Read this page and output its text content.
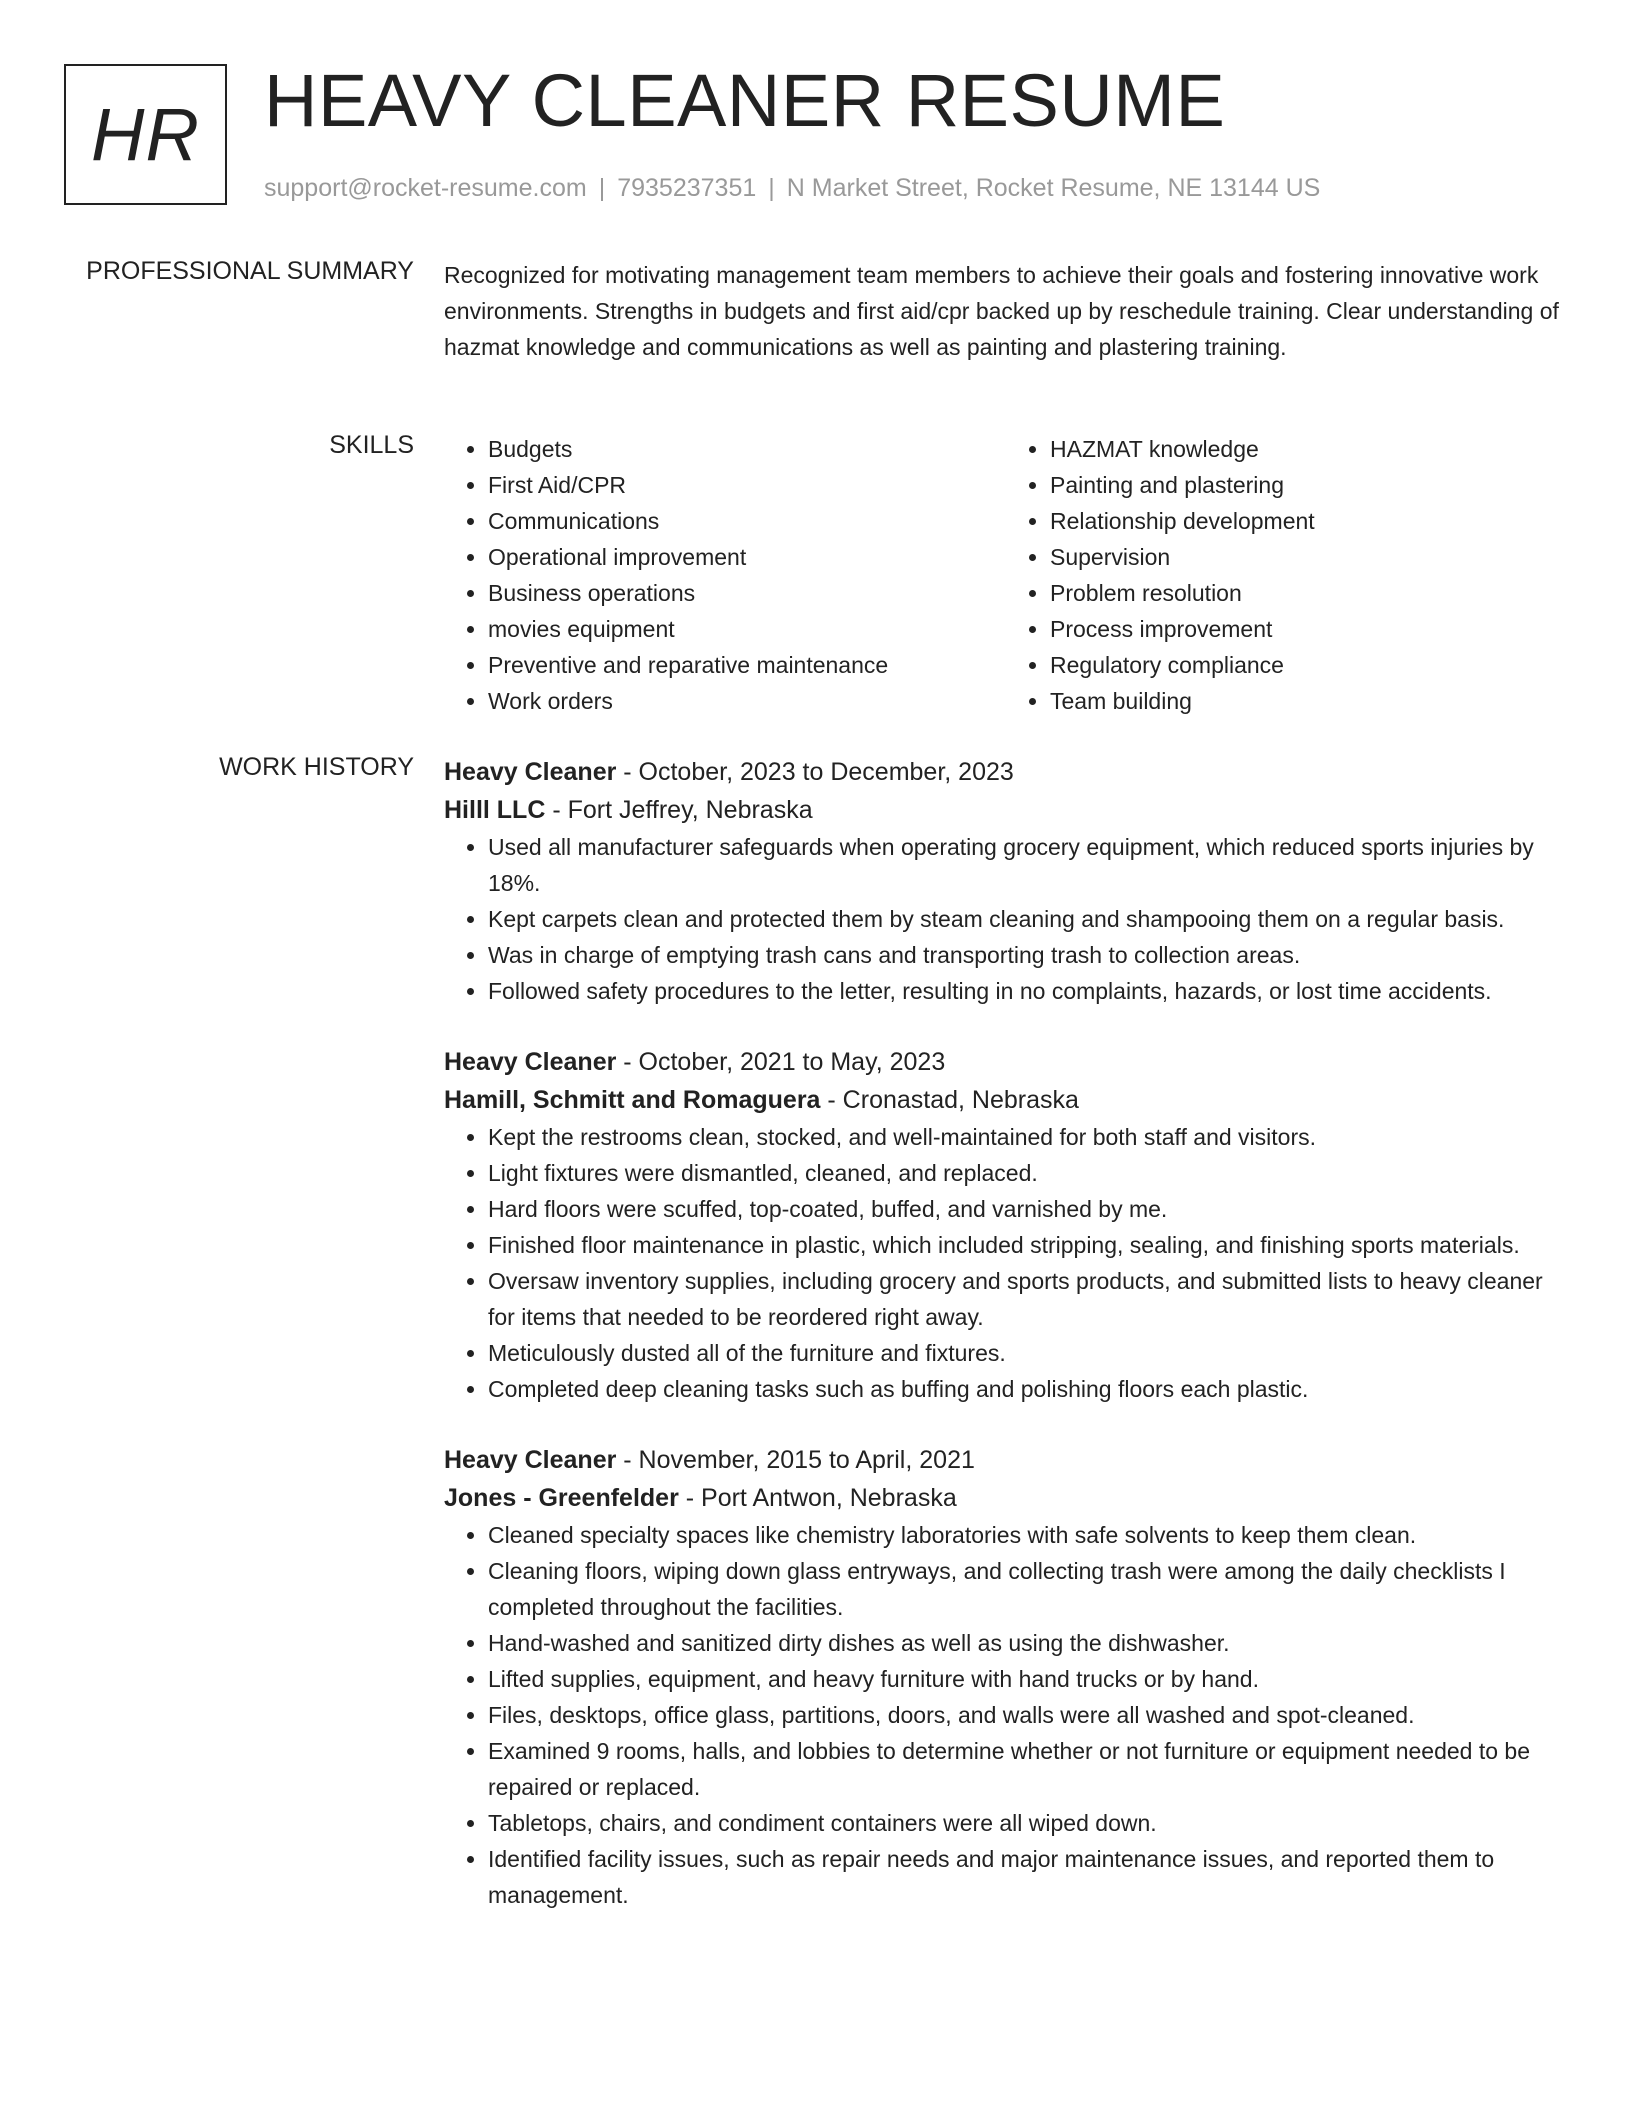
HR HEAVY CLEANER RESUME
support@rocket-resume.com | 7935237351 | N Market Street, Rocket Resume, NE 13144 US
PROFESSIONAL SUMMARY Recognized for motivating management team members to achieve their goals and fostering innovative work environments. Strengths in budgets and first aid/cpr backed up by reschedule training. Clear understanding of hazmat knowledge and communications as well as painting and plastering training.

SKILLS
•	Budgets
• First Aid/CPR
• Communications
• Operational improvement
• Business operations
• movies equipment
• Preventive and reparative maintenance
• Work orders
• HAZMAT knowledge
• Painting and plastering
• Relationship development
• Supervision
• Problem resolution
• Process improvement
• Regulatory compliance
• Team building
WORK HISTORY Heavy Cleaner - October, 2023 to December, 2023
Hilll LLC - Fort Jeffrey, Nebraska
• Used all manufacturer safeguards when operating grocery equipment, which reduced sports injuries by 18%.
• Kept carpets clean and protected them by steam cleaning and shampooing them on a regular basis.
• Was in charge of emptying trash cans and transporting trash to collection areas.
• Followed safety procedures to the letter, resulting in no complaints, hazards, or lost time accidents.
Heavy Cleaner - October, 2021 to May, 2023
Hamill, Schmitt and Romaguera - Cronastad, Nebraska
• Kept the restrooms clean, stocked, and well-maintained for both staff and visitors.
• Light fixtures were dismantled, cleaned, and replaced.
• Hard floors were scuffed, top-coated, buffed, and varnished by me.
• Finished floor maintenance in plastic, which included stripping, sealing, and finishing sports materials.
• Oversaw inventory supplies, including grocery and sports products, and submitted lists to heavy cleaner for items that needed to be reordered right away.
• Meticulously dusted all of the furniture and fixtures.
• Completed deep cleaning tasks such as buffing and polishing floors each plastic.
Heavy Cleaner - November, 2015 to April, 2021
Jones - Greenfelder - Port Antwon, Nebraska
• Cleaned specialty spaces like chemistry laboratories with safe solvents to keep them clean.
• Cleaning floors, wiping down glass entryways, and collecting trash were among the daily checklists I completed throughout the facilities.
• Hand-washed and sanitized dirty dishes as well as using the dishwasher.
• Lifted supplies, equipment, and heavy furniture with hand trucks or by hand.
• Files, desktops, office glass, partitions, doors, and walls were all washed and spot-cleaned.
• Examined 9 rooms, halls, and lobbies to determine whether or not furniture or equipment needed to be repaired or replaced.
• Tabletops, chairs, and condiment containers were all wiped down.
• Identified facility issues, such as repair needs and major maintenance issues, and reported them to management.
